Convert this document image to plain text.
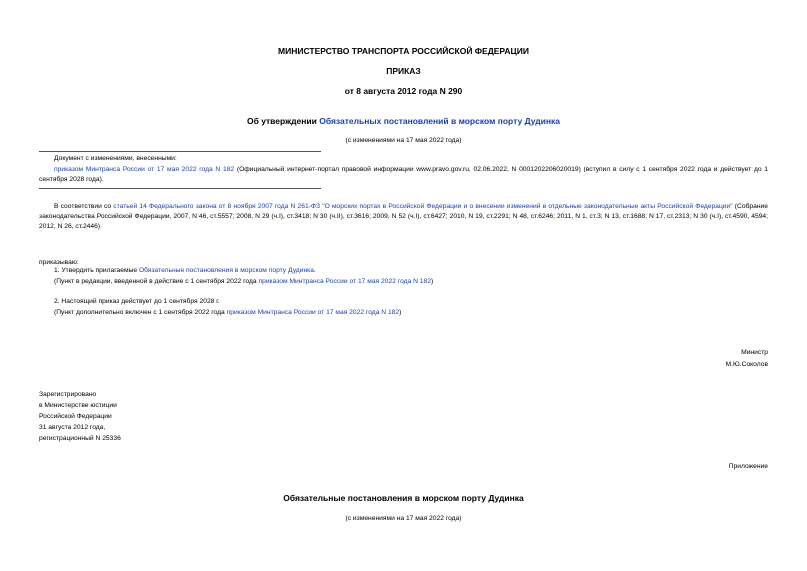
МИНИСТЕРСТВО ТРАНСПОРТА РОССИЙСКОЙ ФЕДЕРАЦИИ
ПРИКАЗ
от 8 августа 2012 года N 290
Об утверждении Обязательных постановлений в морском порту Дудинка
(с изменениями на 17 мая 2022 года)
Документ с изменениями, внесенными:
приказом Минтранса России от 17 мая 2022 года N 182 (Официальный интернет-портал правовой информации www.pravo.gov.ru, 02.06.2022, N 0001202206020019) (вступил в силу с 1 сентября 2022 года и действует до 1 сентября 2028 года).
В соответствии со статьей 14 Федерального закона от 8 ноября 2007 года N 261-ФЗ "О морских портах в Российской Федерации и о внесении изменений в отдельные законодательные акты Российской Федерации" (Собрание законодательства Российской Федерации, 2007, N 46, ст.5557; 2008, N 29 (ч.I), ст.3418; N 30 (ч.II), ст.3616; 2009, N 52 (ч.I), ст.6427; 2010, N 19, ст.2291; N 48, ст.6246; 2011, N 1, ст.3; N 13, ст.1688; N 17, ст.2313; N 30 (ч.I), ст.4590, 4594; 2012, N 26, ст.2446)
приказываю:
1. Утвердить прилагаемые Обязательные постановления в морском порту Дудинка.
(Пункт в редакции, введенной в действие с 1 сентября 2022 года приказом Минтранса России от 17 мая 2022 года N 182)
2. Настоящий приказ действует до 1 сентября 2028 г.
(Пункт дополнительно включен с 1 сентября 2022 года приказом Минтранса России от 17 мая 2022 года N 182)
Министр
М.Ю.Соколов
Зарегистрировано
в Министерстве юстиции
Российской Федерации
31 августа 2012 года,
регистрационный N 25336
Приложение
Обязательные постановления в морском порту Дудинка
(с изменениями на 17 мая 2022 года)
